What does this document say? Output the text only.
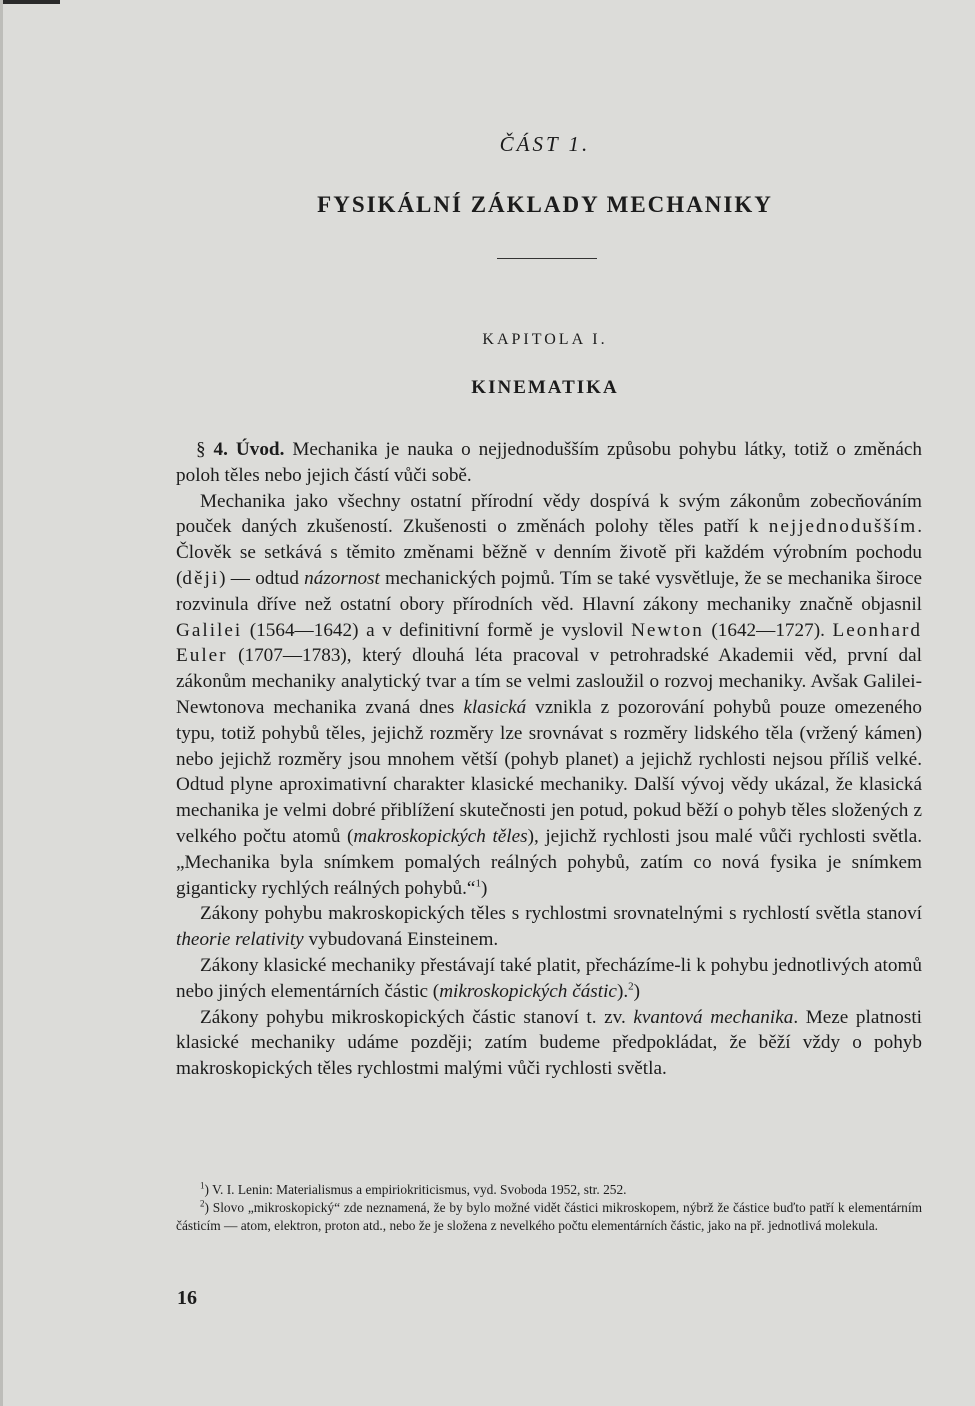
ČÁST 1.
FYSIKÁLNÍ ZÁKLADY MECHANIKY
KAPITOLA I.
KINEMATIKA

§ 4. Úvod. Mechanika je nauka o nejjednodušším způsobu pohybu látky, totiž o změnách poloh těles nebo jejich částí vůči sobě.

Mechanika jako všechny ostatní přírodní vědy dospívá k svým zákonům zobecňováním pouček daných zkušeností. Zkušenosti o změnách polohy těles patří k nejjednodušším. Člověk se setkává s těmito změnami běžně v denním životě při každém výrobním pochodu (ději) — odtud názornost mechanických pojmů. Tím se také vysvětluje, že se mechanika široce rozvinula dříve než ostatní obory přírodních věd. Hlavní zákony mechaniky značně objasnil Galilei (1564—1642) a v definitivní formě je vyslovil Newton (1642—1727). Leonhard Euler (1707—1783), který dlouhá léta pracoval v petrohradské Akademii věd, první dal zákonům mechaniky analytický tvar a tím se velmi zasloužil o rozvoj mechaniky. Avšak Galilei-Newtonova mechanika zvaná dnes klasická vznikla z pozorování pohybů pouze omezeného typu, totiž pohybů těles, jejichž rozměry lze srovnávat s rozměry lidského těla (vržený kámen) nebo jejichž rozměry jsou mnohem větší (pohyb planet) a jejichž rychlosti nejsou příliš velké. Odtud plyne aproximativní charakter klasické mechaniky. Další vývoj vědy ukázal, že klasická mechanika je velmi dobré přiblížení skutečnosti jen potud, pokud běží o pohyb těles složených z velkého počtu atomů (makroskopických těles), jejichž rychlosti jsou malé vůči rychlosti světla. „Mechanika byla snímkem pomalých reálných pohybů, zatím co nová fysika je snímkem giganticky rychlých reálných pohybů.“$^1$)

Zákony pohybu makroskopických těles s rychlostmi srovnatelnými s rychlostí světla stanoví theorie relativity vybudovaná Einsteinem.

Zákony klasické mechaniky přestávají také platit, přecházíme-li k pohybu jednotlivých atomů nebo jiných elementárních částic (mikroskopických částic).$^2$)

Zákony pohybu mikroskopických částic stanoví t. zv. kvantová mechanika. Meze platnosti klasické mechaniky udáme později; zatím budeme předpokládat, že běží vždy o pohyb makroskopických těles rychlostmi malými vůči rychlosti světla.

$^1$) V. I. Lenin: Materialismus a empiriokriticismus, vyd. Svoboda 1952, str. 252.

$^2$) Slovo „mikroskopický“ zde neznamená, že by bylo možné vidět částici mikroskopem, nýbrž že částice buďto patří k elementárním částicím — atom, elektron, proton atd., nebo že je složena z nevelkého počtu elementárních částic, jako na př. jednotlivá molekula.

16
